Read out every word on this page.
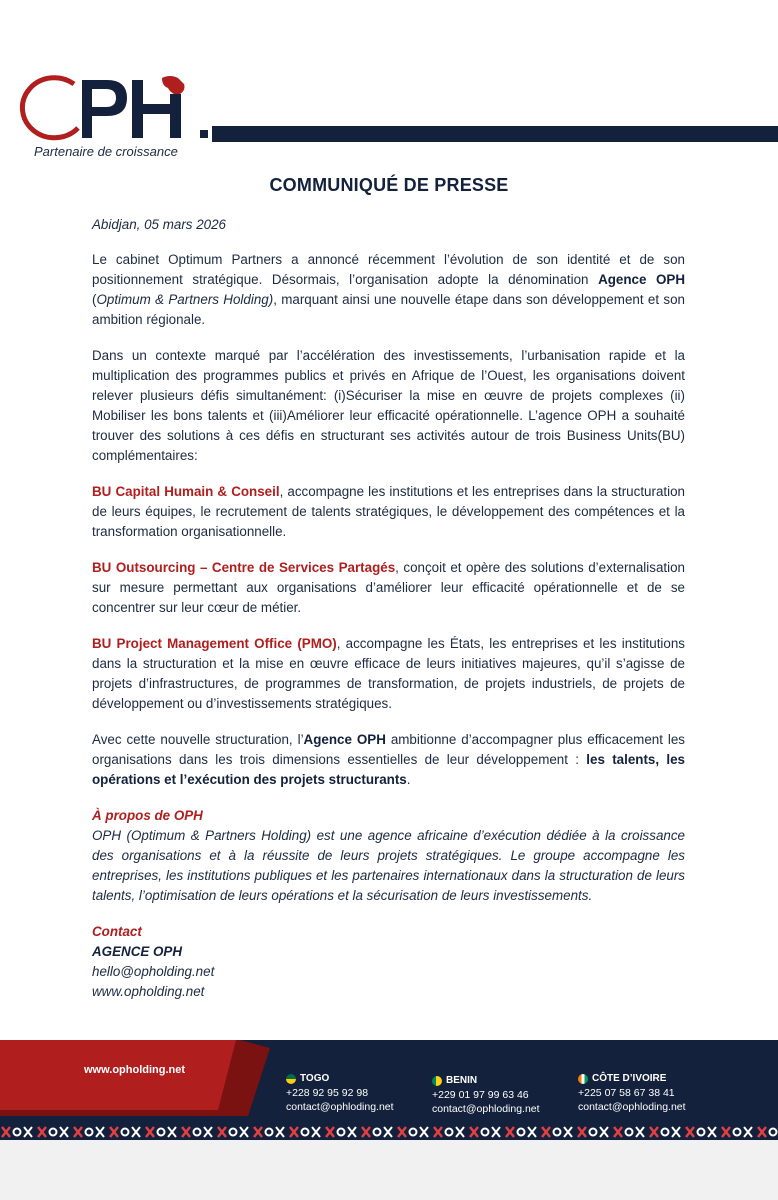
Partenaire de croissance
COMMUNIQUÉ DE PRESSE

Abidjan, 05 mars 2026

Le cabinet Optimum Partners a annoncé récemment l’évolution de son identité et de son positionnement stratégique. Désormais, l’organisation adopte la dénomination Agence OPH (Optimum & Partners Holding), marquant ainsi une nouvelle étape dans son développement et son ambition régionale.

Dans un contexte marqué par l’accélération des investissements, l’urbanisation rapide et la multiplication des programmes publics et privés en Afrique de l’Ouest, les organisations doivent relever plusieurs défis simultanément: (i)Sécuriser la mise en œuvre de projets complexes (ii) Mobiliser les bons talents et (iii)Améliorer leur efficacité opérationnelle. L’agence OPH a souhaité trouver des solutions à ces défis en structurant ses activités autour de trois Business Units(BU) complémentaires:

BU Capital Humain & Conseil, accompagne les institutions et les entreprises dans la structuration de leurs équipes, le recrutement de talents stratégiques, le développement des compétences et la transformation organisationnelle.

BU Outsourcing – Centre de Services Partagés, conçoit et opère des solutions d’externalisation sur mesure permettant aux organisations d’améliorer leur efficacité opérationnelle et de se concentrer sur leur cœur de métier.

BU Project Management Office (PMO), accompagne les États, les entreprises et les institutions dans la structuration et la mise en œuvre efficace de leurs initiatives majeures, qu’il s’agisse de projets d’infrastructures, de programmes de transformation, de projets industriels, de projets de développement ou d’investissements stratégiques.

Avec cette nouvelle structuration, l’Agence OPH ambitionne d’accompagner plus efficacement les organisations dans les trois dimensions essentielles de leur développement : les talents, les opérations et l’exécution des projets structurants.

À propos de OPH

OPH (Optimum & Partners Holding) est une agence africaine d’exécution dédiée à la croissance des organisations et à la réussite de leurs projets stratégiques. Le groupe accompagne les entreprises, les institutions publiques et les partenaires internationaux dans la structuration de leurs talents, l’optimisation de leurs opérations et la sécurisation de leurs investissements.

Contact

AGENCE OPH

hello@opholding.net

www.opholding.net

www.opholding.net
TOGO
+228 92 95 92 98
contact@ophloding.net
BENIN
+229 01 97 99 63 46
contact@ophloding.net
CÔTE D’IVOIRE
+225 07 58 67 38 41
contact@ophloding.net
